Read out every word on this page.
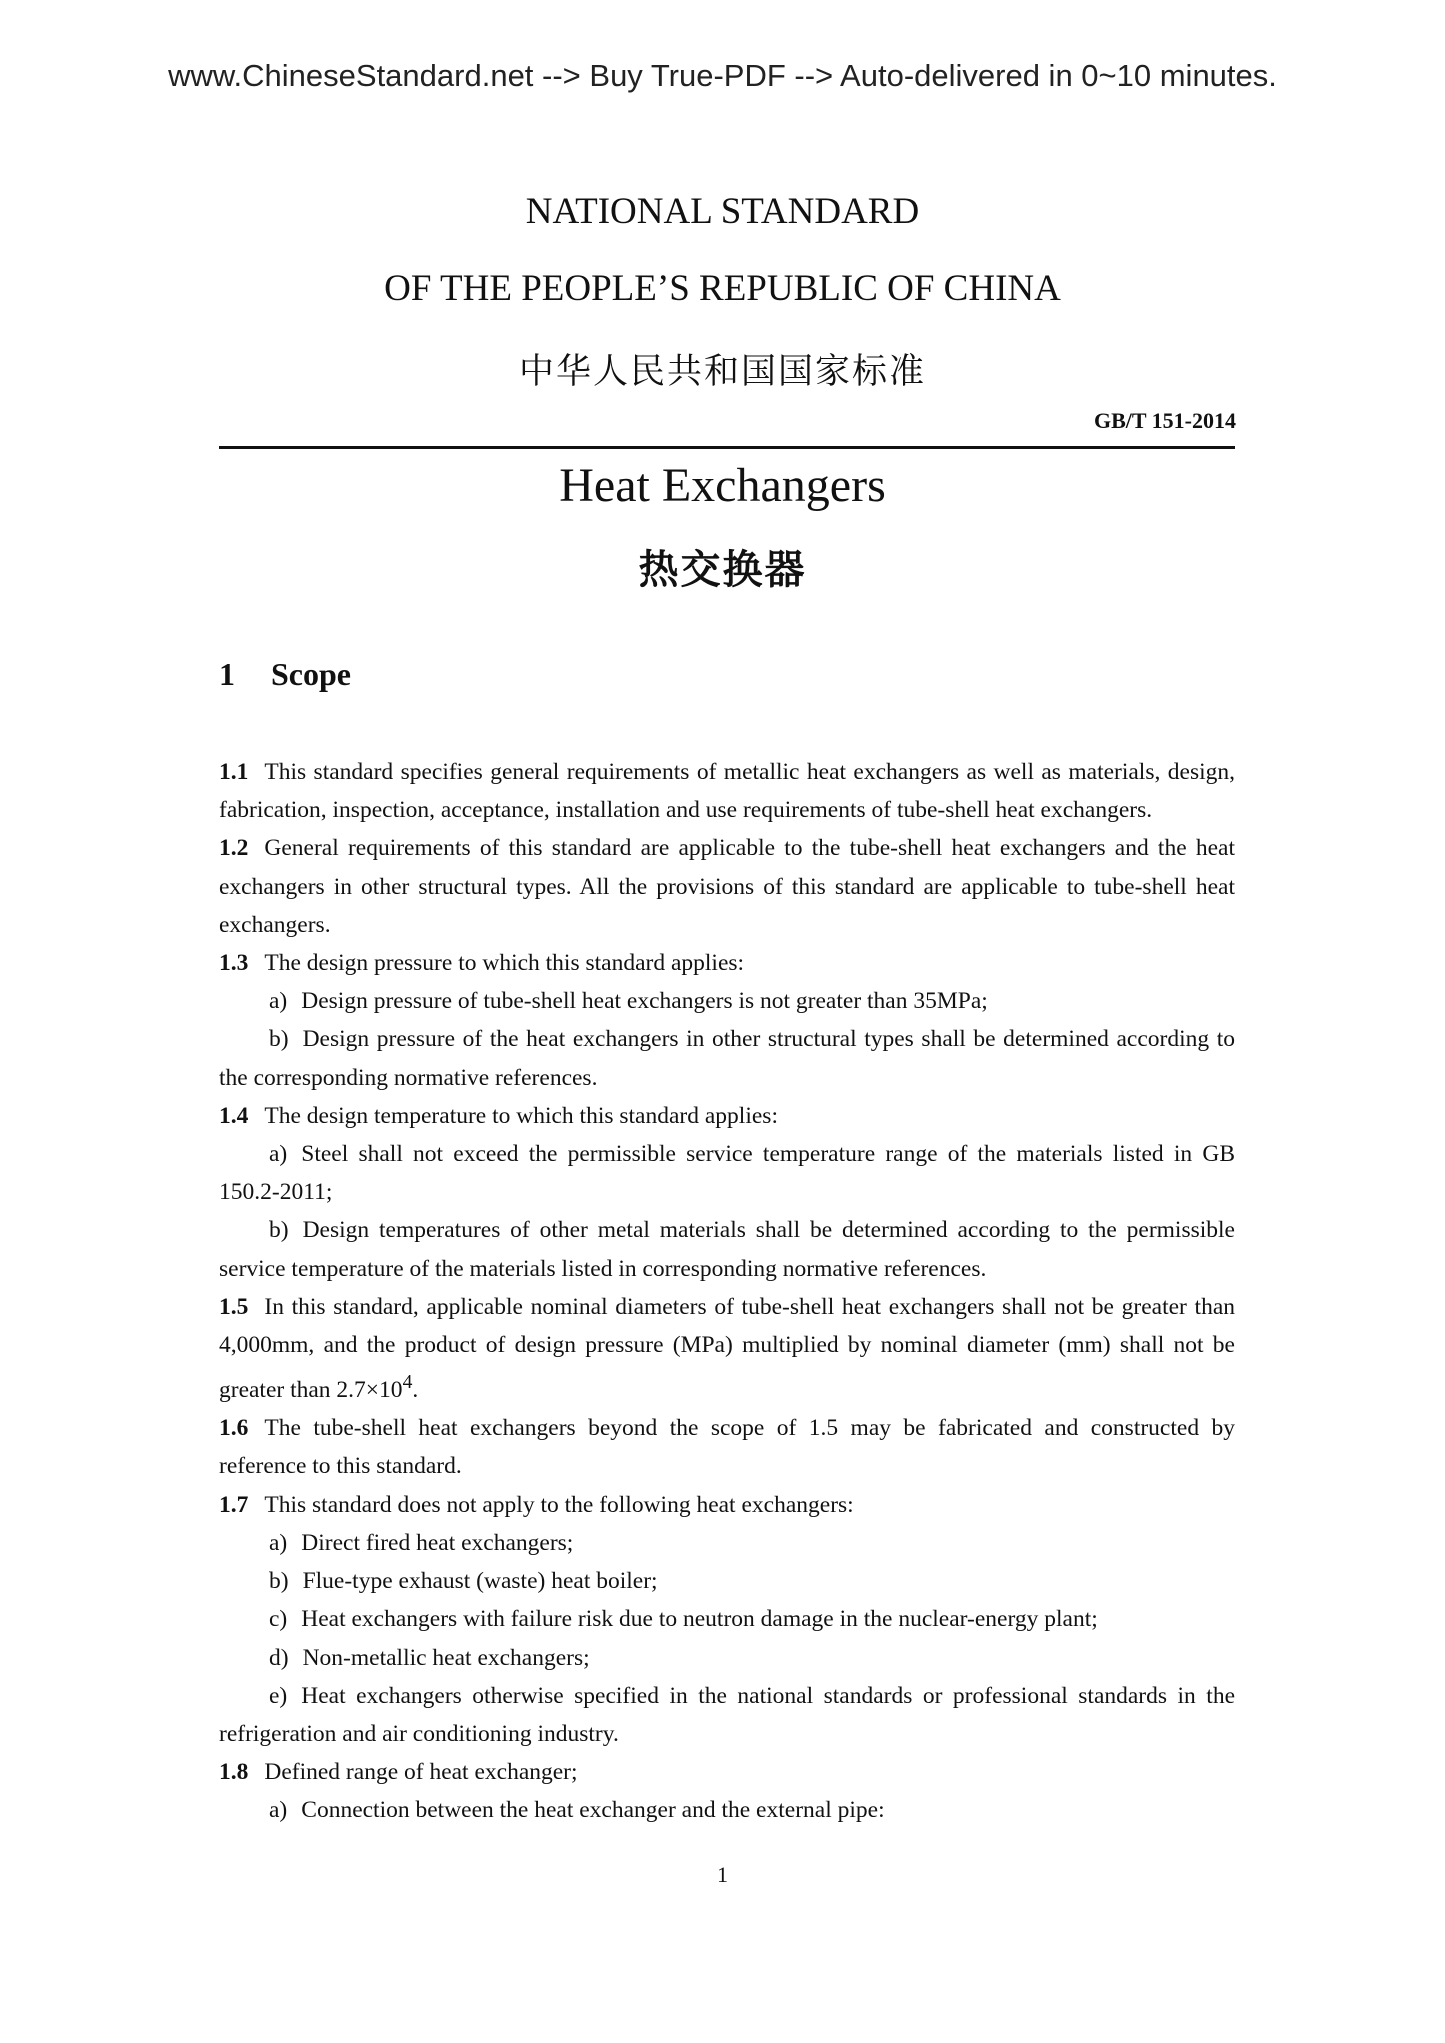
www.ChineseStandard.net --> Buy True-PDF --> Auto-delivered in 0~10 minutes.
NATIONAL STANDARD
OF THE PEOPLE’S REPUBLIC OF CHINA
中华人民共和国国家标准
GB/T 151-2014
Heat Exchangers
热交换器
1 Scope

1.1 This standard specifies general requirements of metallic heat exchangers as well as materials, design, fabrication, inspection, acceptance, installation and use requirements of tube-shell heat exchangers.

1.2 General requirements of this standard are applicable to the tube-shell heat exchangers and the heat exchangers in other structural types. All the provisions of this standard are applicable to tube-shell heat exchangers.

1.3 The design pressure to which this standard applies:

a) Design pressure of tube-shell heat exchangers is not greater than 35MPa;

b) Design pressure of the heat exchangers in other structural types shall be determined according to the corresponding normative references.

1.4 The design temperature to which this standard applies:

a) Steel shall not exceed the permissible service temperature range of the materials listed in GB 150.2-2011;

b) Design temperatures of other metal materials shall be determined according to the permissible service temperature of the materials listed in corresponding normative references.

1.5 In this standard, applicable nominal diameters of tube-shell heat exchangers shall not be greater than 4,000mm, and the product of design pressure (MPa) multiplied by nominal diameter (mm) shall not be greater than $2.7\times 10^4$.

1.6 The tube-shell heat exchangers beyond the scope of 1.5 may be fabricated and constructed by reference to this standard.

1.7 This standard does not apply to the following heat exchangers:

a) Direct fired heat exchangers;

b) Flue-type exhaust (waste) heat boiler;

c) Heat exchangers with failure risk due to neutron damage in the nuclear-energy plant;

d) Non-metallic heat exchangers;

e) Heat exchangers otherwise specified in the national standards or professional standards in the refrigeration and air conditioning industry.

1.8 Defined range of heat exchanger;

a) Connection between the heat exchanger and the external pipe:

1
